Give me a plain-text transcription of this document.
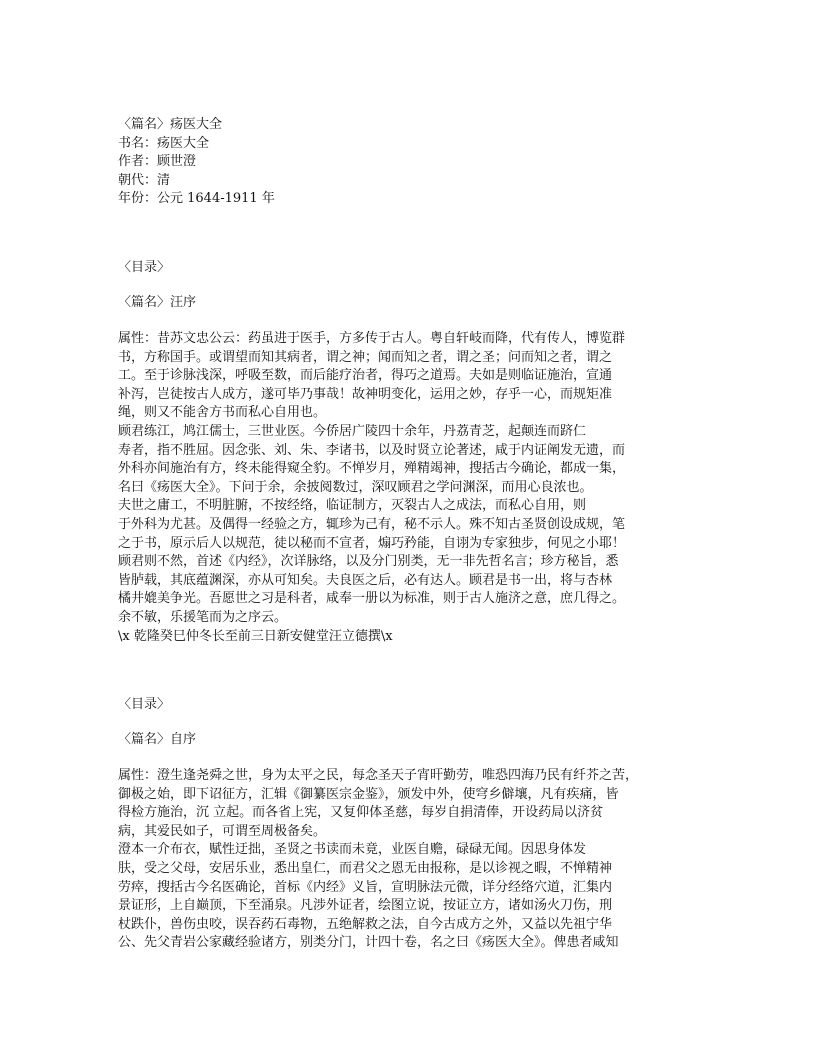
〈篇名〉疡医大全
书名：疡医大全
作者：顾世澄
朝代：清
年份：公元 1644-1911 年
〈目录〉
〈篇名〉汪序
属性：昔苏文忠公云：药虽进于医手，方多传于古人。粤自轩岐而降，代有传人，博览群
书，方称国手。或谓望而知其病者，谓之神；闻而知之者，谓之圣；问而知之者，谓之
工。至于诊脉浅深，呼吸至数，而后能疗治者，得巧之道焉。夫如是则临证施治，宣通
补泻，岂徒按古人成方，遂可毕乃事哉！故神明变化，运用之妙，存乎一心，而规矩准
绳，则又不能舍方书而私心自用也。
顾君练江，鸠江儒士，三世业医。今侨居广陵四十余年，丹荔青芝，起颠连而跻仁
寿者，指不胜屈。因念张、刘、朱、李诸书，以及时贤立论著述，咸于内证阐发无遗，而
外科亦间施治有方，终未能得窥全豹。不惮岁月，殚精竭神，搜括古今确论，都成一集，
名曰《疡医大全》。下问于余，余披阅数过，深叹顾君之学问渊深，而用心良浓也。
夫世之庸工，不明脏腑，不按经络，临证制方，灭裂古人之成法，而私心自用，则
于外科为尤甚。及偶得一经验之方，辄珍为己有，秘不示人。殊不知古圣贤创设成规，笔
之于书，原示后人以规范，徒以秘而不宣者，煽巧矜能，自诩为专家独步，何见之小耶！
顾君则不然，首述《内经》，次详脉络，以及分门别类，无一非先哲名言；珍方秘旨，悉
皆胪载，其底蕴渊深，亦从可知矣。夫良医之后，必有达人。顾君是书一出，将与杏林
橘井媲美争光。吾愿世之习是科者，咸奉一册以为标准，则于古人施济之意，庶几得之。
余不敏，乐援笔而为之序云。
\x 乾隆癸巳仲冬长至前三日新安健堂汪立德撰\x
〈目录〉
〈篇名〉自序
属性：澄生逢尧舜之世，身为太平之民，每念圣天子宵旰勤劳，唯恐四海乃民有纤芥之苦，
御极之始，即下诏征方，汇辑《御纂医宗金鉴》，颁发中外，使穹乡僻壤，凡有疾痛，皆
得检方施治，沉 立起。而各省上宪，又复仰体圣慈，每岁自捐清俸，开设药局以济贫
病，其爱民如子，可谓至周极备矣。
澄本一介布衣，赋性迂拙，圣贤之书读而未竟，业医自赡，碌碌无闻。因思身体发
肤，受之父母，安居乐业，悉出皇仁，而君父之恩无由报称，是以诊视之暇，不惮精神
劳瘁，搜括古今名医确论，首标《内经》义旨，宣明脉法元微，详分经络穴道，汇集内
景证形，上自巅顶，下至涌泉。凡涉外证者，绘图立说，按证立方，诸如汤火刀伤，刑
杖跌仆，兽伤虫咬，误吞药石毒物，五绝解救之法，自今古成方之外，又益以先祖宁华
公、先父青岩公家藏经验诸方，别类分门，计四十卷，名之曰《疡医大全》。俾患者咸知
